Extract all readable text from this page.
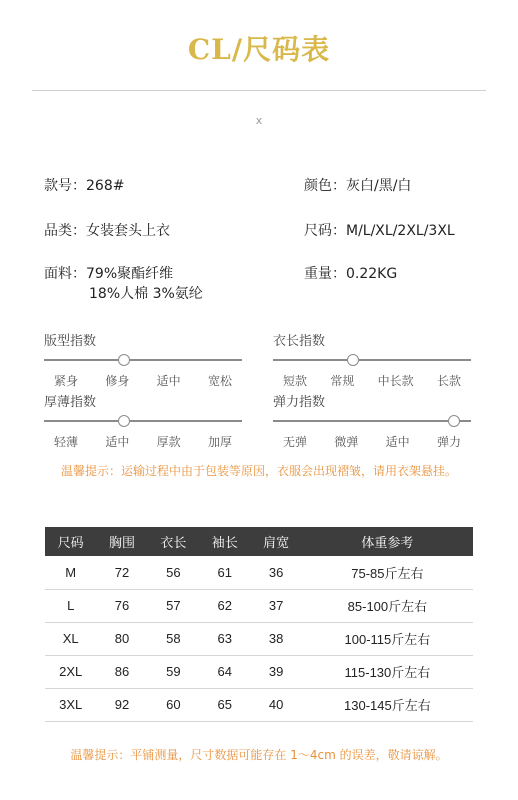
CL/尺码表
x
款号：268#	颜色：灰白/黑/白
品类：女装套头上衣	尺码：M/L/XL/2XL/3XL
面料：79%聚酯纤维
18%人棉 3%氨纶
重量：0.22KG
版型指数
紧身 修身 适中 宽松
衣长指数
短款 常规 中长款 长款
厚薄指数
轻薄 适中 厚款 加厚
弹力指数
无弹 微弹 适中 弹力
温馨提示：运输过程中由于包装等原因，衣服会出现褶皱，请用衣架悬挂。
尺码	胸围	衣长	袖长	肩宽	体重参考
M	72	56	61	36	75-85斤左右
L	76	57	62	37	85-100斤左右
XL	80	58	63	38	100-115斤左右
2XL	86	59	64	39	115-130斤左右
3XL	92	60	65	40	130-145斤左右
温馨提示：平铺测量，尺寸数据可能存在 1～4cm 的误差，敬请谅解。
